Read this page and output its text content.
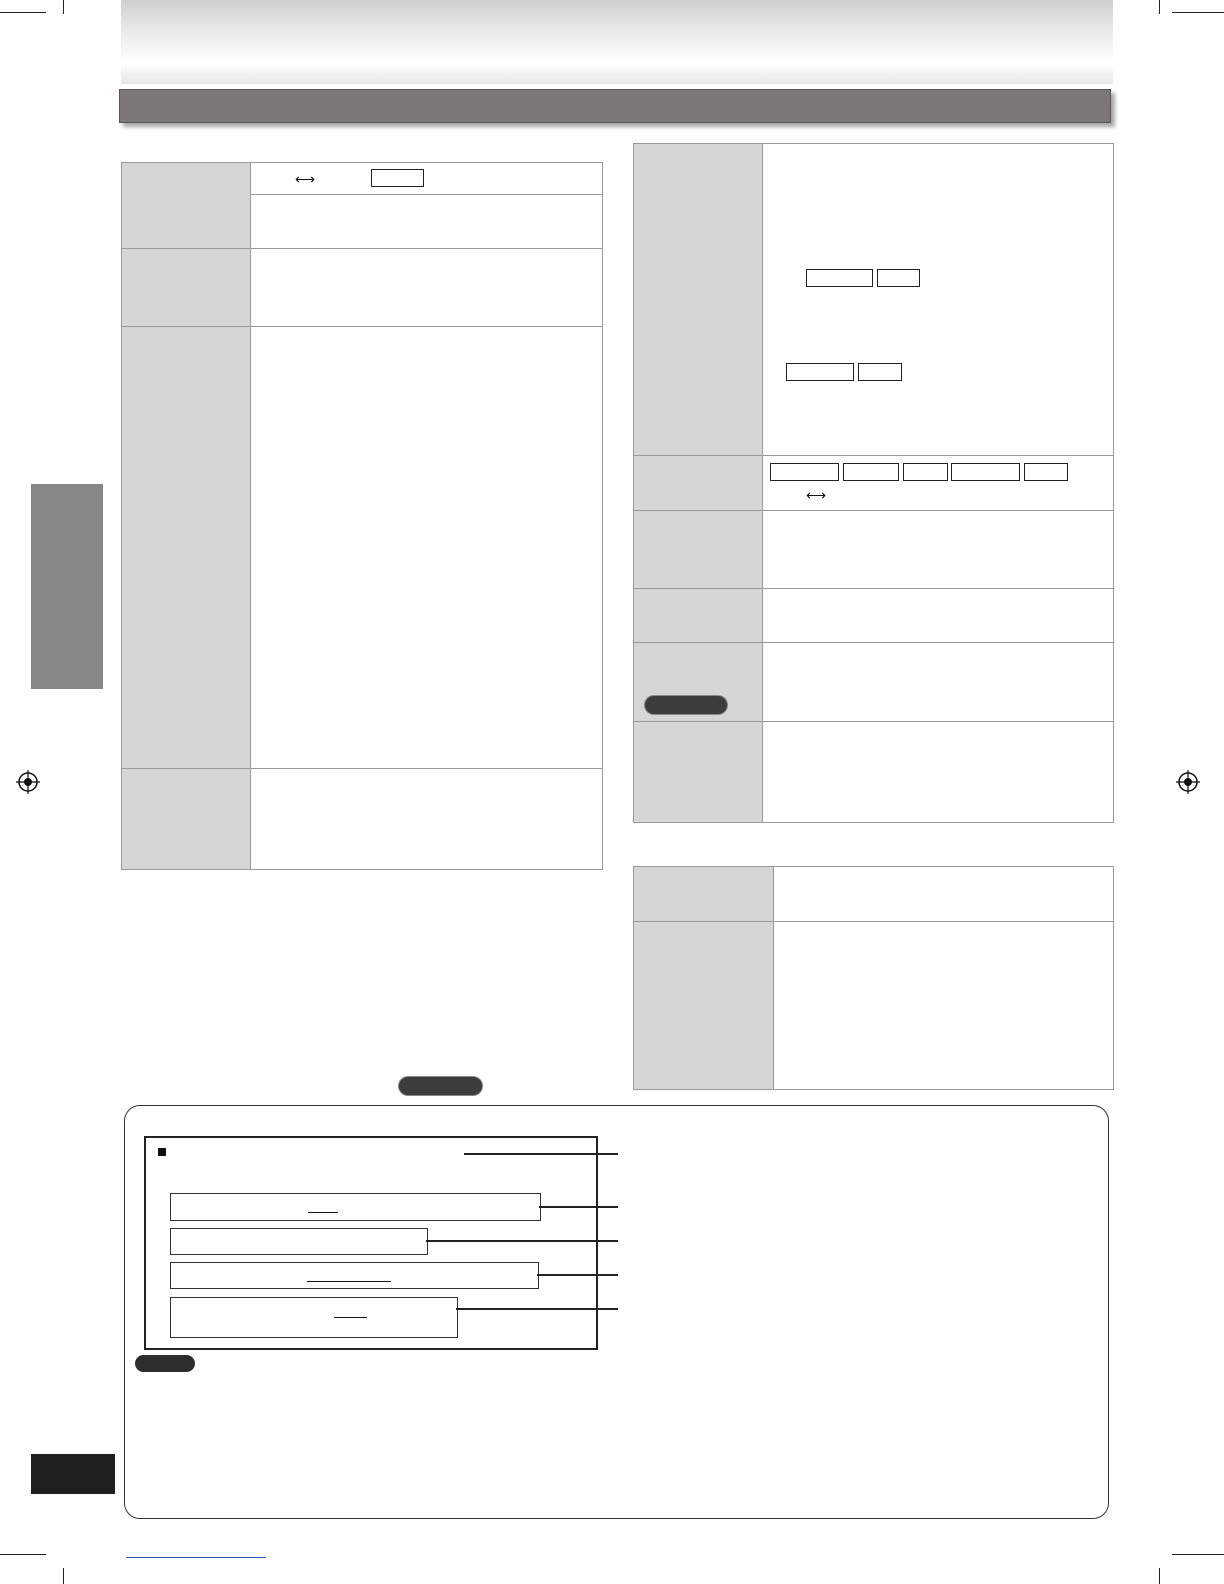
⟷
⟷
